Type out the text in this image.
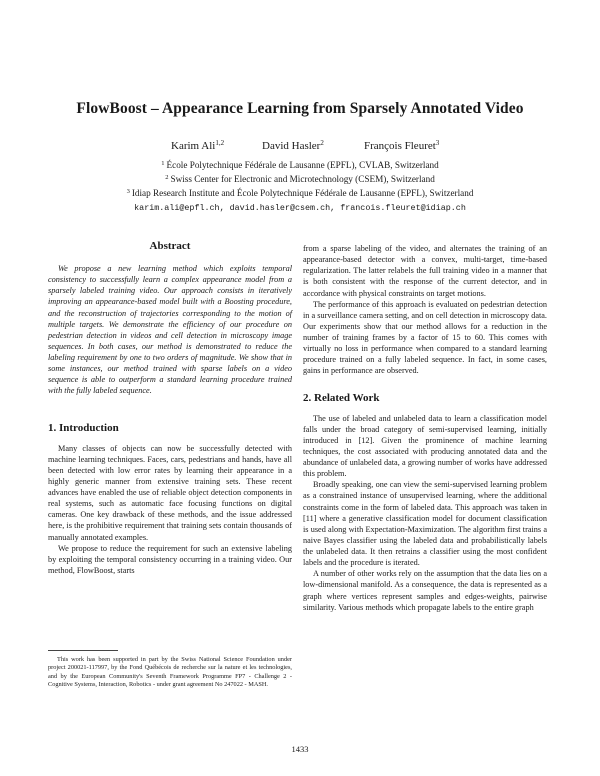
FlowBoost – Appearance Learning from Sparsely Annotated Video
Karim Ali$^{1,2}$	David Hasler$^2$	François Fleuret$^3$
$^1$ École Polytechnique Fédérale de Lausanne (EPFL), CVLAB, Switzerland
$^2$ Swiss Center for Electronic and Microtechnology (CSEM), Switzerland
$^3$ Idiap Research Institute and École Polytechnique Fédérale de Lausanne (EPFL), Switzerland
karim.ali@epfl.ch, david.hasler@csem.ch, francois.fleuret@idiap.ch
Abstract

We propose a new learning method which exploits temporal consistency to successfully learn a complex appearance model from a sparsely labeled training video. Our approach consists in iteratively improving an appearance-based model built with a Boosting procedure, and the reconstruction of trajectories corresponding to the motion of multiple targets. We demonstrate the efficiency of our procedure on pedestrian detection in videos and cell detection in microscopy image sequences. In both cases, our method is demonstrated to reduce the labeling requirement by one to two orders of magnitude. We show that in some instances, our method trained with sparse labels on a video sequence is able to outperform a standard learning procedure trained with the fully labeled sequence.

1. Introduction

Many classes of objects can now be successfully detected with machine learning techniques. Faces, cars, pedestrians and hands, have all been detected with low error rates by learning their appearance in a highly generic manner from extensive training sets. These recent advances have enabled the use of reliable object detection components in real systems, such as automatic face focusing functions on digital cameras. One key drawback of these methods, and the issue addressed here, is the prohibitive requirement that training sets contain thousands of manually annotated examples.

We propose to reduce the requirement for such an extensive labeling by exploiting the temporal consistency occurring in a training video. Our method, FlowBoost, starts

This work has been supported in part by the Swiss National Science Foundation under project 200021-117997, by the Fond Québécois de recherche sur la nature et les technologies, and by the European Community's Seventh Framework Programme FP7 - Challenge 2 - Cognitive Systems, Interaction, Robotics - under grant agreement No 247022 - MASH.

from a sparse labeling of the video, and alternates the training of an appearance-based detector with a convex, multi-target, time-based regularization. The latter relabels the full training video in a manner that is both consistent with the response of the current detector, and in accordance with physical constraints on target motions.

The performance of this approach is evaluated on pedestrian detection in a surveillance camera setting, and on cell detection in microscopy data. Our experiments show that our method allows for a reduction in the number of training frames by a factor of 15 to 60. This comes with virtually no loss in performance when compared to a standard learning procedure trained on a fully labeled sequence. In fact, in some cases, gains in performance are observed.

2. Related Work

The use of labeled and unlabeled data to learn a classification model falls under the broad category of semi-supervised learning, initially introduced in [12]. Given the prominence of machine learning techniques, the cost associated with producing annotated data and the abundance of unlabeled data, a growing number of works have addressed this problem.

Broadly speaking, one can view the semi-supervised learning problem as a constrained instance of unsupervised learning, where the additional constraints come in the form of labeled data. This approach was taken in [11] where a generative classification model for document classification is used along with Expectation-Maximization. The algorithm first trains a naive Bayes classifier using the labeled data and probabilistically labels the unlabeled data. It then retrains a classifier using the most confident labels and the procedure is iterated.

A number of other works rely on the assumption that the data lies on a low-dimensional manifold. As a consequence, the data is represented as a graph where vertices represent samples and edges-weights, pairwise similarity. Various methods which propagate labels to the entire graph

1433
